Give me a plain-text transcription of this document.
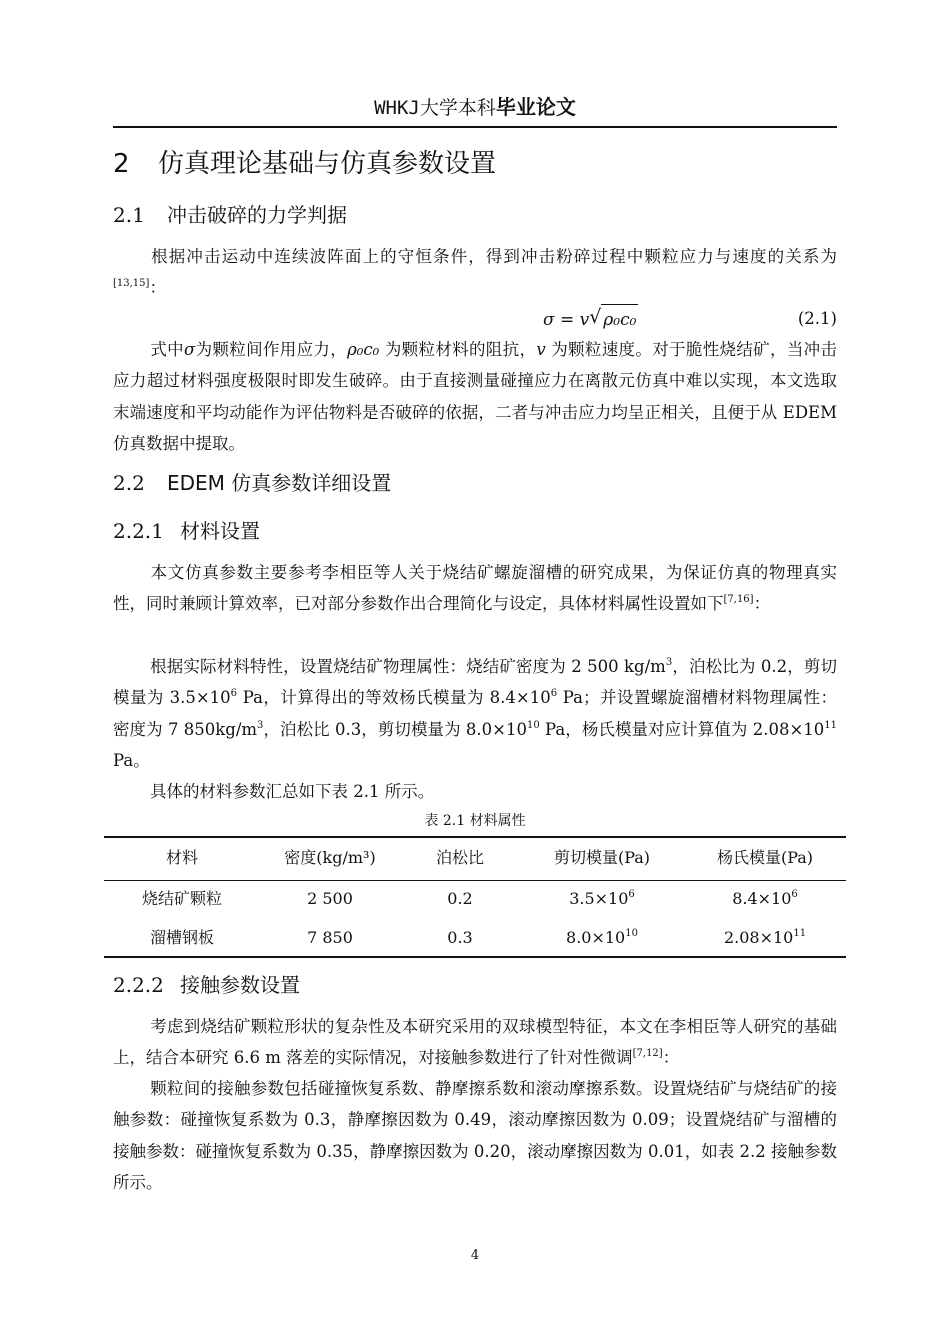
WHKJ大学本科毕业论文
2 仿真理论基础与仿真参数设置
2.1 冲击破碎的力学判据

根据冲击运动中连续波阵面上的守恒条件，得到冲击粉碎过程中颗粒应力与速度的关系为[13,15]：

σ = v√ ρ₀c₀	(2.1)

式中σ为颗粒间作用应力，ρ₀c₀ 为颗粒材料的阻抗，v 为颗粒速度。对于脆性烧结矿，当冲击应力超过材料强度极限时即发生破碎。由于直接测量碰撞应力在离散元仿真中难以实现，本文选取末端速度和平均动能作为评估物料是否破碎的依据，二者与冲击应力均呈正相关，且便于从 EDEM 仿真数据中提取。

2.2 EDEM 仿真参数详细设置
2.2.1 材料设置

本文仿真参数主要参考李相臣等人关于烧结矿螺旋溜槽的研究成果，为保证仿真的物理真实性，同时兼顾计算效率，已对部分参数作出合理简化与设定，具体材料属性设置如下[7,16]：

根据实际材料特性，设置烧结矿物理属性：烧结矿密度为 2 500 $kg/m^3$，泊松比为 0.2，剪切模量为 $3.5\times 10^6$ Pa，计算得出的等效杨氏模量为 $8.4\times 10^6$ Pa；并设置螺旋溜槽材料物理属性：密度为 7 $850kg/m^3$，泊松比 0.3，剪切模量为 $8.0\times 10^{10}$ Pa，杨氏模量对应计算值为 $2.08\times 10^{11}$ Pa。

具体的材料参数汇总如下表 2.1 所示。

表 2.1 材料属性
材料	密度(kg/m³)	泊松比	剪切模量(Pa)	杨氏模量(Pa)
烧结矿颗粒	2 500	0.2	$3.5\times 10^6$	$8.4\times 10^6$
溜槽钢板	7 850	0.3	$8.0\times 10^{10}$	$2.08\times 10^{11}$
2.2.2 接触参数设置

考虑到烧结矿颗粒形状的复杂性及本研究采用的双球模型特征，本文在李相臣等人研究的基础上，结合本研究 6.6 m 落差的实际情况，对接触参数进行了针对性微调[7,12]：

颗粒间的接触参数包括碰撞恢复系数、静摩擦系数和滚动摩擦系数。设置烧结矿与烧结矿的接触参数：碰撞恢复系数为 0.3，静摩擦因数为 0.49，滚动摩擦因数为 0.09；设置烧结矿与溜槽的接触参数：碰撞恢复系数为 0.35，静摩擦因数为 0.20，滚动摩擦因数为 0.01，如表 2.2 接触参数所示。

4
